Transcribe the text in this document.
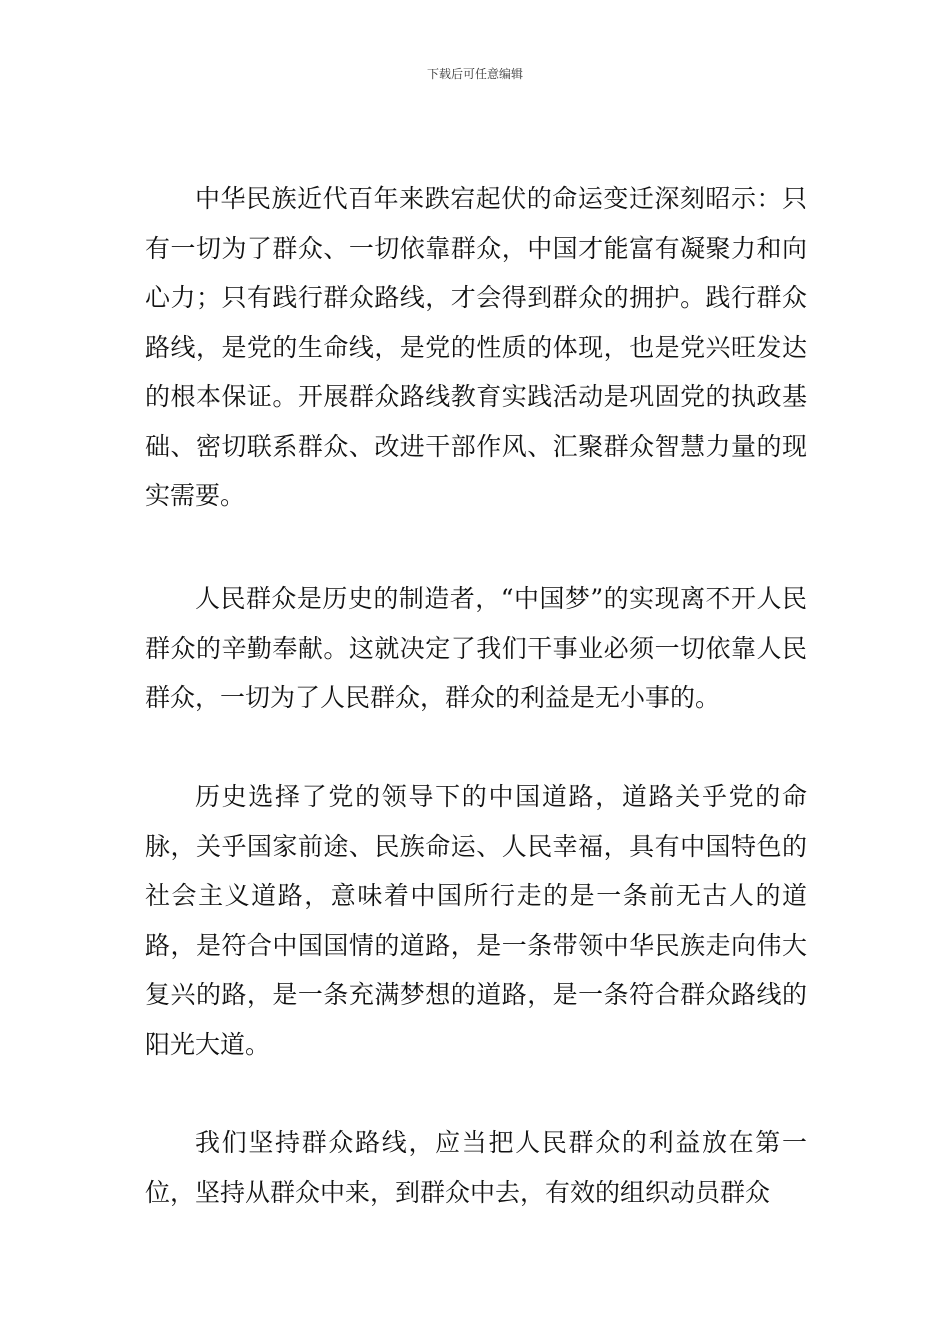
下载后可任意编辑

中华民族近代百年来跌宕起伏的命运变迁深刻昭示：只有一切为了群众、一切依靠群众，中国才能富有凝聚力和向心力；只有践行群众路线，才会得到群众的拥护。践行群众路线，是党的生命线，是党的性质的体现，也是党兴旺发达的根本保证。开展群众路线教育实践活动是巩固党的执政基础、密切联系群众、改进干部作风、汇聚群众智慧力量的现实需要。

人民群众是历史的制造者，“中国梦”的实现离不开人民群众的辛勤奉献。这就决定了我们干事业必须一切依靠人民群众，一切为了人民群众，群众的利益是无小事的。

历史选择了党的领导下的中国道路，道路关乎党的命脉，关乎国家前途、民族命运、人民幸福，具有中国特色的社会主义道路，意味着中国所行走的是一条前无古人的道路，是符合中国国情的道路，是一条带领中华民族走向伟大复兴的路，是一条充满梦想的道路，是一条符合群众路线的阳光大道。

我们坚持群众路线，应当把人民群众的利益放在第一位，坚持从群众中来，到群众中去，有效的组织动员群众
